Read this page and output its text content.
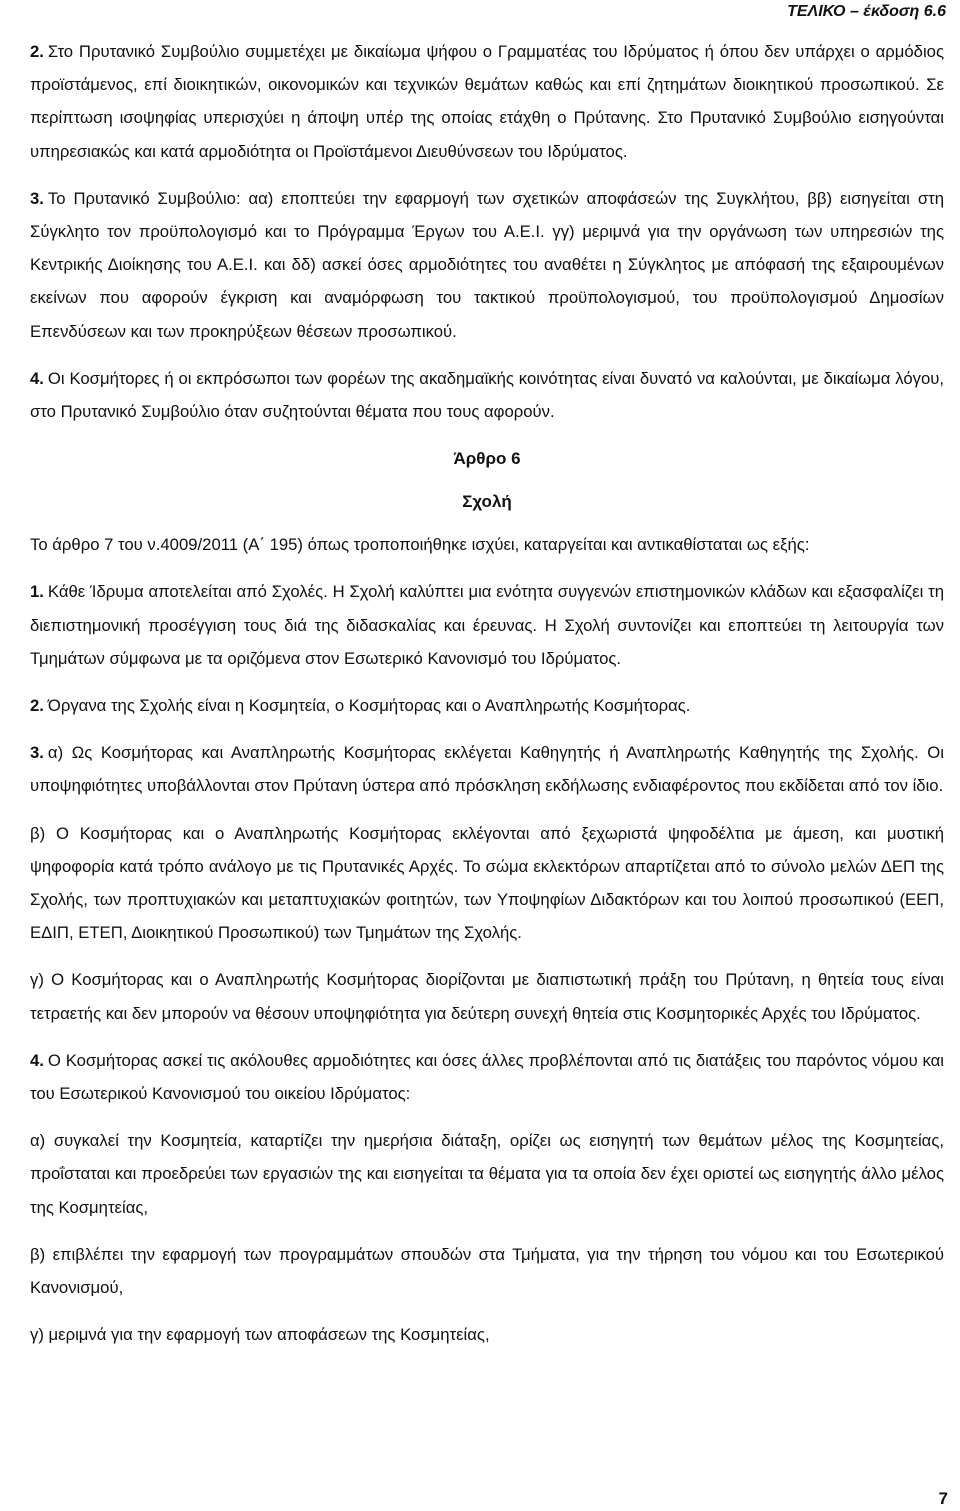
ΤΕΛΙΚΟ – έκδοση 6.6

2. Στο Πρυτανικό Συμβούλιο συμμετέχει με δικαίωμα ψήφου ο Γραμματέας του Ιδρύματος ή όπου δεν υπάρχει ο αρμόδιος προϊστάμενος, επί διοικητικών, οικονομικών και τεχνικών θεμάτων καθώς και επί ζητημάτων διοικητικού προσωπικού. Σε περίπτωση ισοψηφίας υπερισχύει η άποψη υπέρ της οποίας ετάχθη ο Πρύτανης. Στο Πρυτανικό Συμβούλιο εισηγούνται υπηρεσιακώς και κατά αρμοδιότητα οι Προϊστάμενοι Διευθύνσεων του Ιδρύματος.

3. Το Πρυτανικό Συμβούλιο: αα) εποπτεύει την εφαρμογή των σχετικών αποφάσεών της Συγκλήτου, ββ) εισηγείται στη Σύγκλητο τον προϋπολογισμό και το Πρόγραμμα Έργων του Α.Ε.Ι. γγ) μεριμνά για την οργάνωση των υπηρεσιών της Κεντρικής Διοίκησης του Α.Ε.Ι. και δδ) ασκεί όσες αρμοδιότητες του αναθέτει η Σύγκλητος με απόφασή της εξαιρουμένων εκείνων που αφορούν έγκριση και αναμόρφωση του τακτικού προϋπολογισμού, του προϋπολογισμού Δημοσίων Επενδύσεων και των προκηρύξεων θέσεων προσωπικού.

4. Οι Κοσμήτορες ή οι εκπρόσωποι των φορέων της ακαδημαϊκής κοινότητας είναι δυνατό να καλούνται, με δικαίωμα λόγου, στο Πρυτανικό Συμβούλιο όταν συζητούνται θέματα που τους αφορούν.

Άρθρο 6
Σχολή

Το άρθρο 7 του ν.4009/2011 (Α΄ 195) όπως τροποποιήθηκε ισχύει, καταργείται και αντικαθίσταται ως εξής:

1. Κάθε Ίδρυμα αποτελείται από Σχολές. Η Σχολή καλύπτει μια ενότητα συγγενών επιστημονικών κλάδων και εξασφαλίζει τη διεπιστημονική προσέγγιση τους διά της διδασκαλίας και έρευνας. Η Σχολή συντονίζει και εποπτεύει τη λειτουργία των Τμημάτων σύμφωνα με τα οριζόμενα στον Εσωτερικό Κανονισμό του Ιδρύματος.

2. Όργανα της Σχολής είναι η Κοσμητεία, ο Κοσμήτορας και ο Αναπληρωτής Κοσμήτορας.

3. α) Ως Κοσμήτορας και Αναπληρωτής Κοσμήτορας εκλέγεται Καθηγητής ή Αναπληρωτής Καθηγητής της Σχολής. Οι υποψηφιότητες υποβάλλονται στον Πρύτανη ύστερα από πρόσκληση εκδήλωσης ενδιαφέροντος που εκδίδεται από τον ίδιο.

β) Ο Κοσμήτορας και ο Αναπληρωτής Κοσμήτορας εκλέγονται από ξεχωριστά ψηφοδέλτια με άμεση, και μυστική ψηφοφορία κατά τρόπο ανάλογο με τις Πρυτανικές Αρχές. Το σώμα εκλεκτόρων απαρτίζεται από το σύνολο μελών ΔΕΠ της Σχολής, των προπτυχιακών και μεταπτυχιακών φοιτητών, των Υποψηφίων Διδακτόρων και του λοιπού προσωπικού (ΕΕΠ, ΕΔΙΠ, ΕΤΕΠ, Διοικητικού Προσωπικού) των Τμημάτων της Σχολής.

γ) Ο Κοσμήτορας και ο Αναπληρωτής Κοσμήτορας διορίζονται με διαπιστωτική πράξη του Πρύτανη, η θητεία τους είναι τετραετής και δεν μπορούν να θέσουν υποψηφιότητα για δεύτερη συνεχή θητεία στις Κοσμητορικές Αρχές του Ιδρύματος.

4. Ο Κοσμήτορας ασκεί τις ακόλουθες αρμοδιότητες και όσες άλλες προβλέπονται από τις διατάξεις του παρόντος νόμου και του Εσωτερικού Κανονισμού του οικείου Ιδρύματος:

α) συγκαλεί την Κοσμητεία, καταρτίζει την ημερήσια διάταξη, ορίζει ως εισηγητή των θεμάτων μέλος της Κοσμητείας, προΐσταται και προεδρεύει των εργασιών της και εισηγείται τα θέματα για τα οποία δεν έχει οριστεί ως εισηγητής άλλο μέλος της Κοσμητείας,

β) επιβλέπει την εφαρμογή των προγραμμάτων σπουδών στα Τμήματα, για την τήρηση του νόμου και του Εσωτερικού Κανονισμού,

γ) μεριμνά για την εφαρμογή των αποφάσεων της Κοσμητείας,

7
